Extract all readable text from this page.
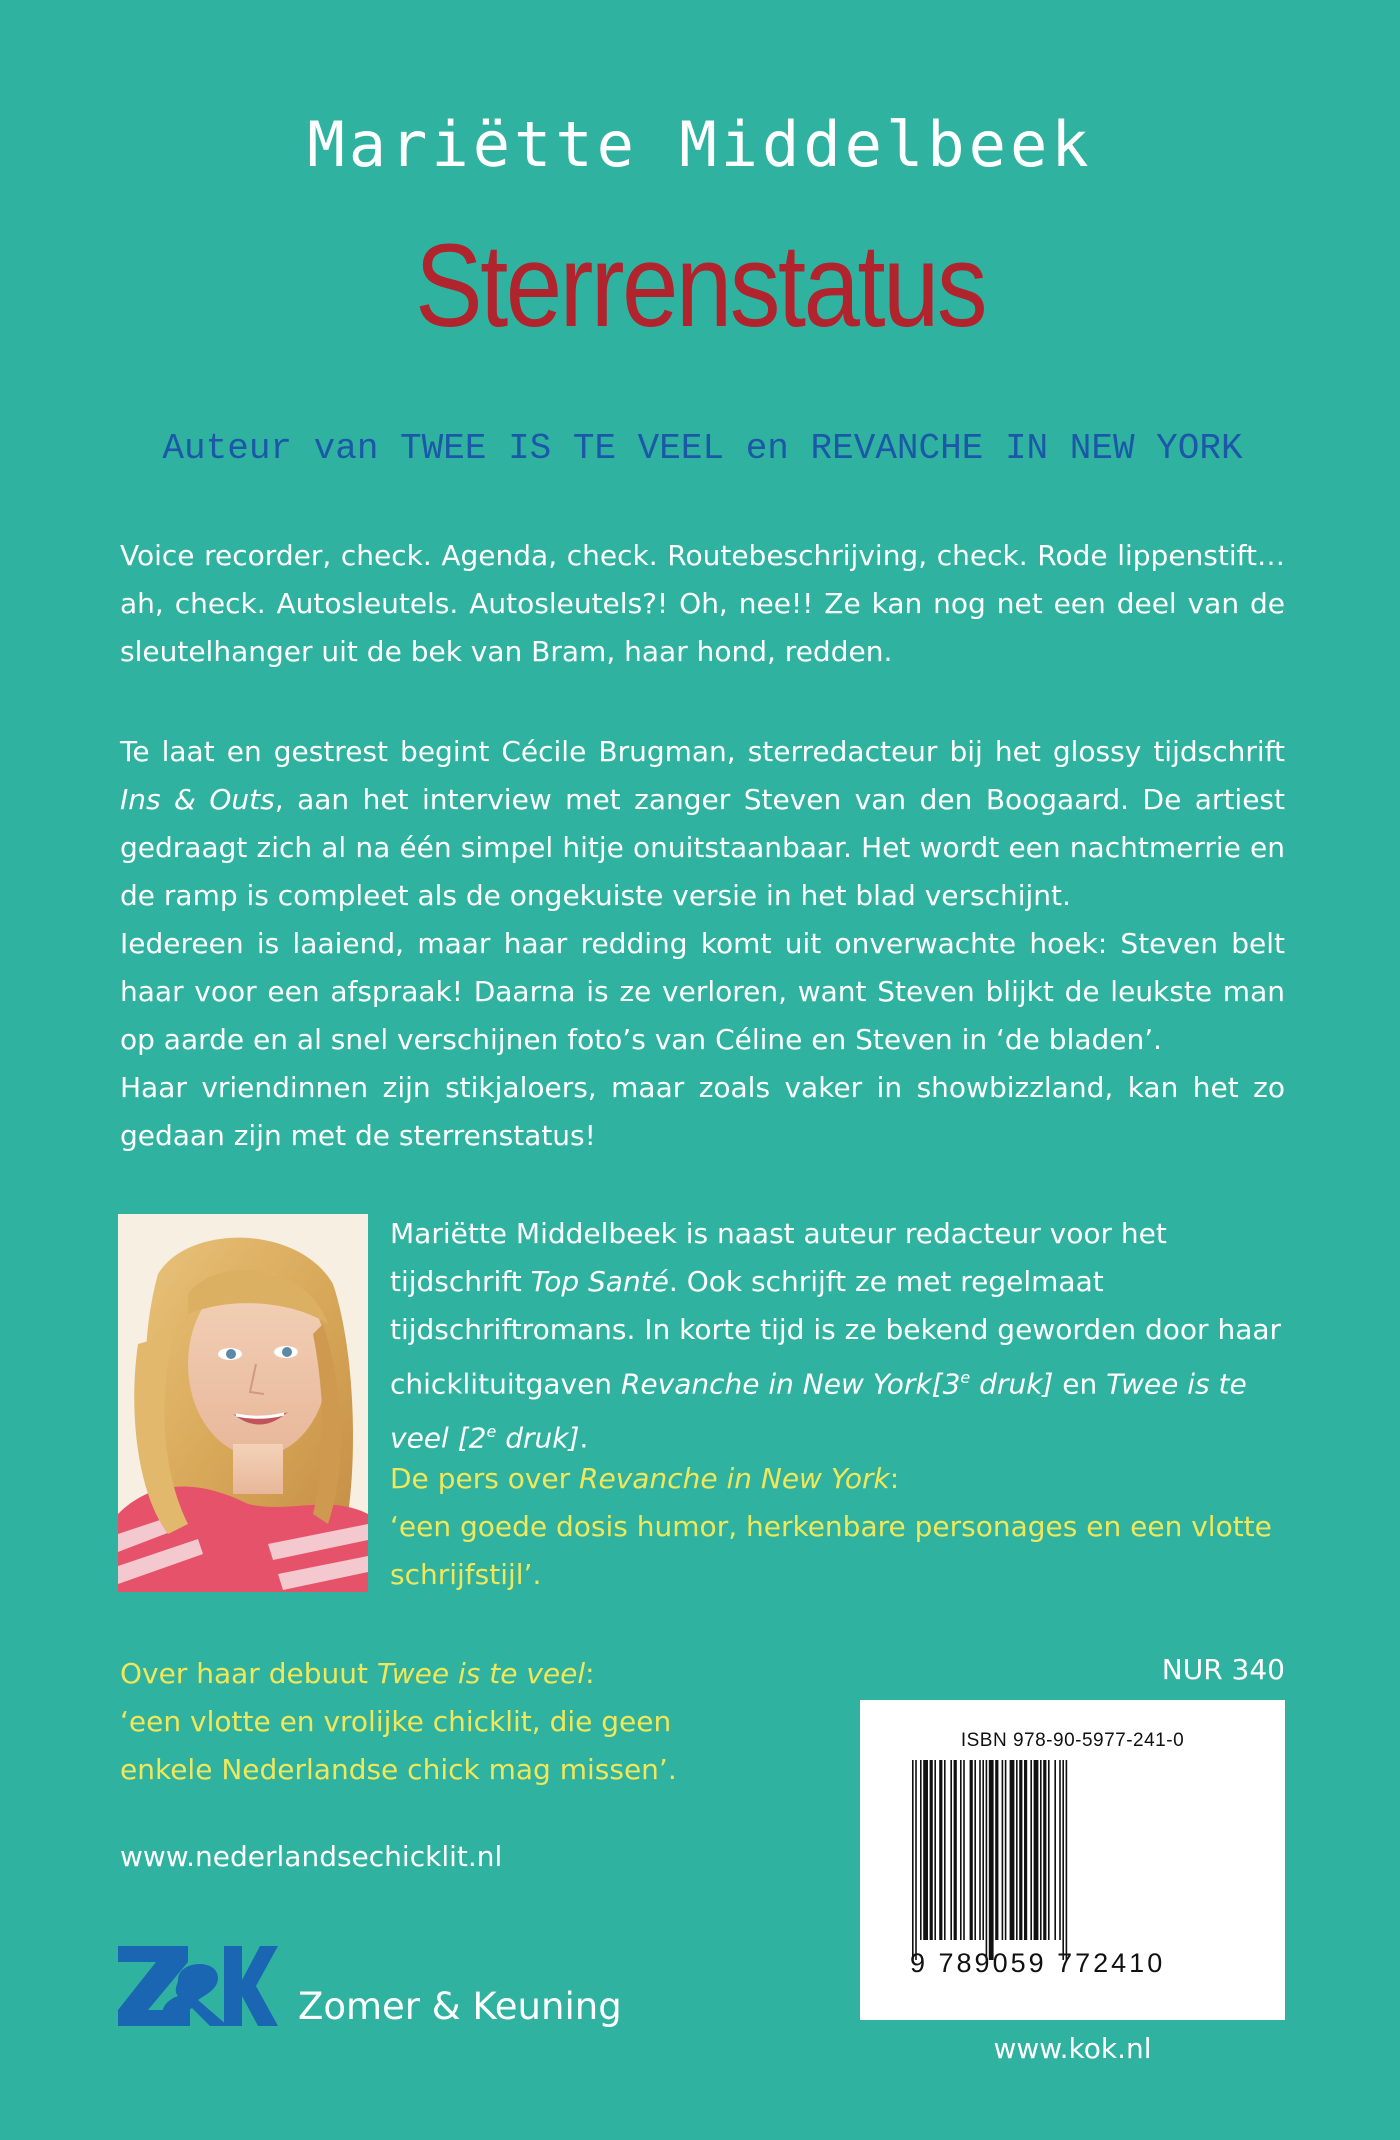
Mariëtte Middelbeek
Sterrenstatus
Auteur van TWEE IS TE VEEL en REVANCHE IN NEW YORK

Voice recorder, check. Agenda, check. Routebeschrijving, check. Rode lippenstift… ah, check. Autosleutels. Autosleutels?! Oh, nee!! Ze kan nog net een deel van de sleutelhanger uit de bek van Bram, haar hond, redden.

Te laat en gestrest begint Cécile Brugman, sterredacteur bij het glossy tijdschrift Ins & Outs, aan het interview met zanger Steven van den Boogaard. De artiest gedraagt zich al na één simpel hitje onuitstaanbaar. Het wordt een nachtmerrie en de ramp is compleet als de ongekuiste versie in het blad verschijnt.

Iedereen is laaiend, maar haar redding komt uit onverwachte hoek: Steven belt haar voor een afspraak! Daarna is ze verloren, want Steven blijkt de leukste man op aarde en al snel verschijnen foto’s van Céline en Steven in ‘de bladen’.

Haar vriendinnen zijn stikjaloers, maar zoals vaker in showbizzland, kan het zo gedaan zijn met de sterrenstatus!

Mariëtte Middelbeek is naast auteur redacteur voor het tijdschrift Top Santé. Ook schrijft ze met regelmaat tijdschriftromans. In korte tijd is ze bekend geworden door haar chicklituitgaven Revanche in New York[3e druk] en Twee is te veel [2e druk].

De pers over Revanche in New York:

‘een goede dosis humor, herkenbare personages en een vlotte schrijfstijl’.

Over haar debuut Twee is te veel:

‘een vlotte en vrolijke chicklit, die geen enkele Nederlandse chick mag missen’.

NUR 340
ISBN 978-90-5977-241-0
9 789059 772410
www.nederlandsechicklit.nl
Zomer & Keuning
www.kok.nl
